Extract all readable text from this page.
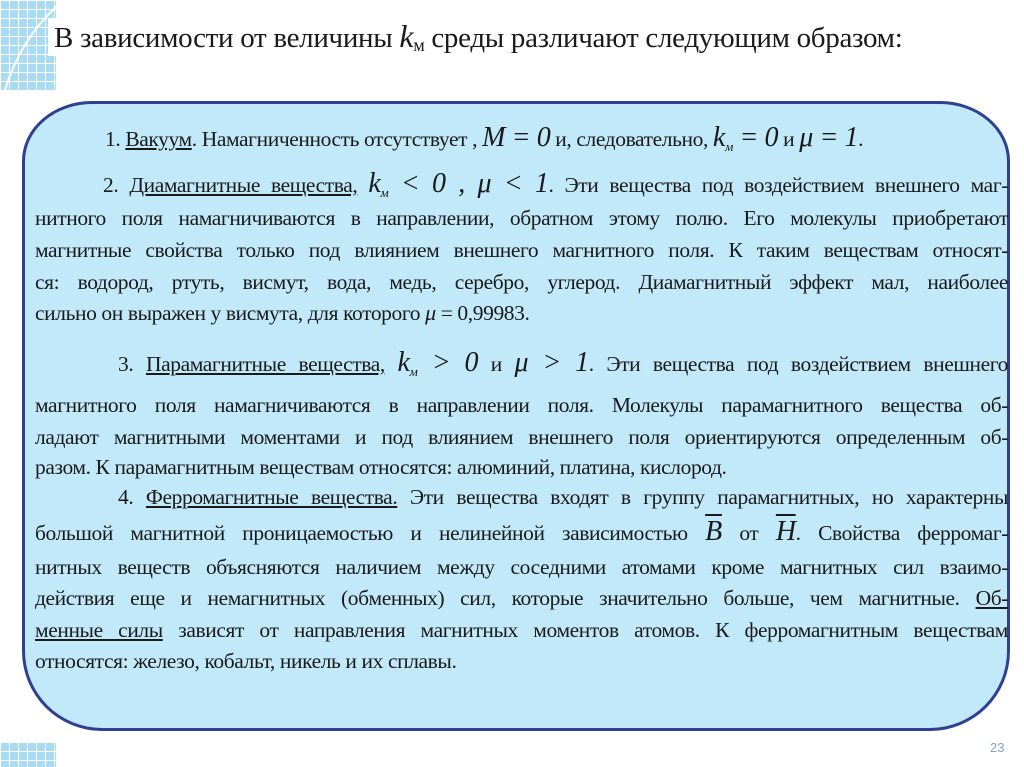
В зависимости от величины $k_м$ среды различают следующим образом:
1. Вакуум. Намагниченность отсутствует , M = 0 и, следовательно, $k_м = 0$ и μ = 1.
2. Диамагнитные вещества, $k_м < 0$ , μ < 1. Эти вещества под воздействием внешнего маг-
нитного поля намагничиваются в направлении, обратном этому полю. Его молекулы приобретают
магнитные свойства только под влиянием внешнего магнитного поля. К таким веществам относят-
ся: водород, ртуть, висмут, вода, медь, серебро, углерод. Диамагнитный эффект мал, наиболее
сильно он выражен у висмута, для которого μ = 0,99983.
3. Парамагнитные вещества, $k_м > 0$ и μ > 1. Эти вещества под воздействием внешнего
магнитного поля намагничиваются в направлении поля. Молекулы парамагнитного вещества об-
ладают магнитными моментами и под влиянием внешнего поля ориентируются определенным об-
разом. К парамагнитным веществам относятся: алюминий, платина, кислород.
4. Ферромагнитные вещества. Эти вещества входят в группу парамагнитных, но характерны
большой магнитной проницаемостью и нелинейной зависимостью $\overline{B}$ от $\overline{H}$. Свойства ферромаг-
нитных веществ объясняются наличием между соседними атомами кроме магнитных сил взаимо-
действия еще и немагнитных (обменных) сил, которые значительно больше, чем магнитные. Об-
менные силы зависят от направления магнитных моментов атомов. К ферромагнитным веществам
относятся: железо, кобальт, никель и их сплавы.
23
